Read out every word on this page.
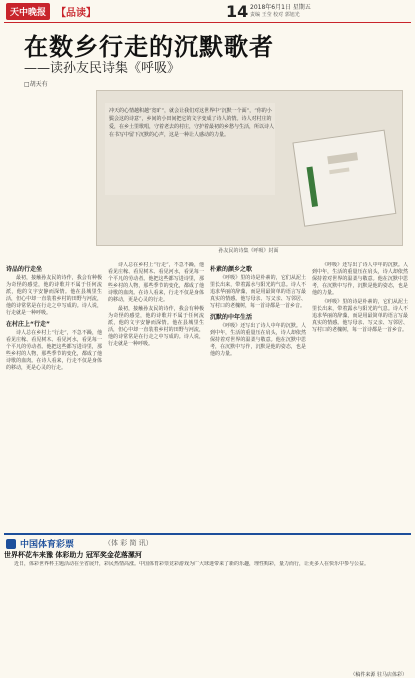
天中晚报 【品读】	14 2018年6月1日 星期五
责编 王莹 校对 郭旭光
在数乡行走的沉默歌者
——读孙友民诗集《呼吸》
□胡天有
冲天的心情越积越“宽旷”，就会让我们对这世界中“沉默一个面”，“你的小鬓会这的诗意”，乡间的小田间把它的文字变成了诗人的情。诗人对村庄的爱，在乡土里歌唱，守着老去的村庄，守护着最初的乡愁与生活，所以诗人在书写中留下沉默的心声，这是一种让人感动的力量。
孙友民的诗集《呼吸》封面
诗品的行走坐

最初，接触孙友民的诗作，我会有种极为奇怪的感觉，他的诗歌并不属于任何流派，他的文字安静而深情。他在县城里生活，但心中却一直装着乡村的田野与河流，他的诗常常是在行走之中写成的。诗人说，行走就是一种呼吸。

在村庄上“行走”

诗人总在乡村上“行走”，不急不躁，他看见庄稼、看见树木、看见河水，看见每一个平凡的劳动者。他把这些都写进诗里，那些乡村的人物，那些季节的变化，都成了他诗歌的血肉。在诗人看来，行走不仅是身体的移动，更是心灵的行走。

诗人总在乡村上“行走”，不急不躁，他看见庄稼、看见树木、看见河水，看见每一个平凡的劳动者。他把这些都写进诗里，那些乡村的人物，那些季节的变化，都成了他诗歌的血肉。在诗人看来，行走不仅是身体的移动，更是心灵的行走。

最初，接触孙友民的诗作，我会有种极为奇怪的感觉，他的诗歌并不属于任何流派，他的文字安静而深情。他在县城里生活，但心中却一直装着乡村的田野与河流，他的诗常常是在行走之中写成的。诗人说，行走就是一种呼吸。

朴素的颜乡之歌

《呼吸》里的诗是朴素的，它们从泥土里长出来，带着露水与阳光的气息。诗人不追求华丽的辞藻，而是用最简单的语言写最真实的情感。他写母亲、写父亲、写邻居、写村口的老槐树，每一首诗都是一首乡音。

沉默的中年生活

《呼吸》还写出了诗人中年的沉默。人到中年，生活的重量压在肩头，诗人却依然保持着对世界的温柔与敬意。他在沉默中思考，在沉默中写作，沉默是他的姿态，也是他的力量。

《呼吸》还写出了诗人中年的沉默。人到中年，生活的重量压在肩头，诗人却依然保持着对世界的温柔与敬意。他在沉默中思考，在沉默中写作，沉默是他的姿态，也是他的力量。

《呼吸》里的诗是朴素的，它们从泥土里长出来，带着露水与阳光的气息。诗人不追求华丽的辞藻，而是用最简单的语言写最真实的情感。他写母亲、写父亲、写邻居、写村口的老槐树，每一首诗都是一首乡音。

中国体育彩票	（体 彩 简 讯）
世界杯花车来豫 体彩助力 冠军奖金花落漯河

近日，体彩世界杯主题活动在全省展开，彩民热情高涨。中国体育彩票竞彩游戏为广大球迷带来了新的乐趣，理性购彩，量力而行，让更多人在快乐中参与公益。

（稿件来源 驻马店体彩）
